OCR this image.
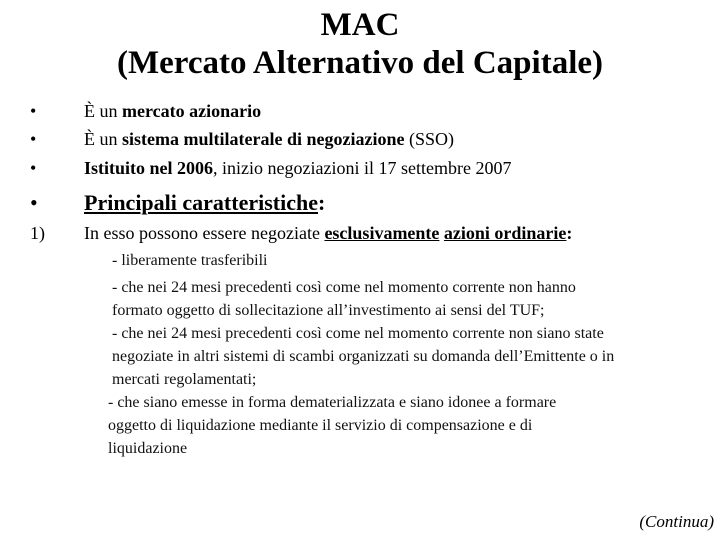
MAC
(Mercato Alternativo del Capitale)
•	È un mercato azionario
•	È un sistema multilaterale di negoziazione (SSO)
•	Istituito nel 2006, inizio negoziazioni il 17 settembre 2007
• Principali caratteristiche:
1) In esso possono essere negoziate esclusivamente azioni ordinarie:
- liberamente trasferibili
- che nei 24 mesi precedenti così come nel momento corrente non hanno
formato oggetto di sollecitazione all’investimento ai sensi del TUF;
- che nei 24 mesi precedenti così come nel momento corrente non siano state
negoziate in altri sistemi di scambi organizzati su domanda dell’Emittente o in
mercati regolamentati;
- che siano emesse in forma dematerializzata e siano idonee a formare
oggetto di liquidazione mediante il servizio di compensazione e di
liquidazione
(Continua)
